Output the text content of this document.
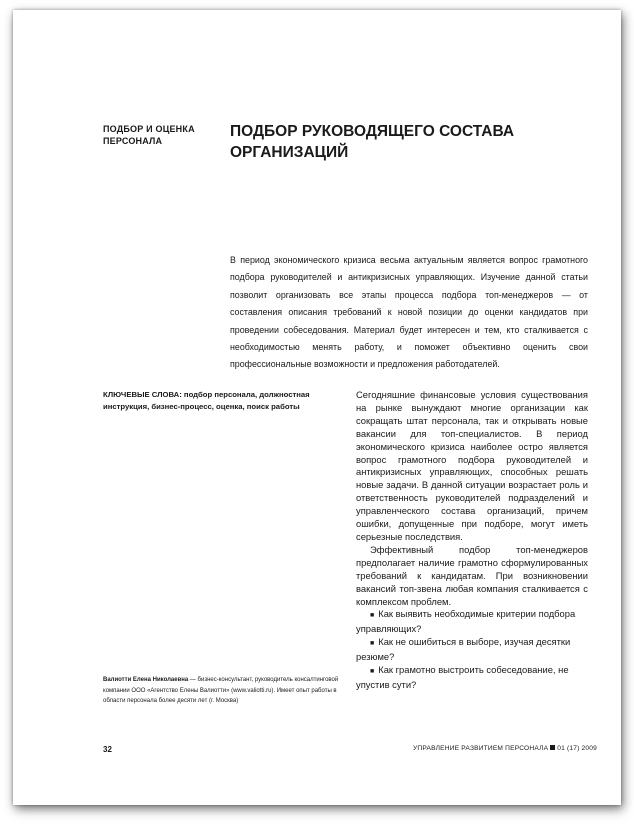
ПОДБОР И ОЦЕНКА ПЕРСОНАЛА
ПОДБОР РУКОВОДЯЩЕГО СОСТАВА ОРГАНИЗАЦИЙ
В период экономического кризиса весьма актуальным является вопрос грамотного подбора руководителей и антикризисных управляющих. Изучение данной статьи позволит организовать все этапы процесса подбора топ-менеджеров — от составления описания требований к новой позиции до оценки кандидатов при проведении собеседования. Материал будет интересен и тем, кто сталкивается с необходимостью менять работу, и поможет объективно оценить свои профессиональные возможности и предложения работодателей.
КЛЮЧЕВЫЕ СЛОВА: подбор персонала, должностная инструкция, бизнес-процесс, оценка, поиск работы

Сегодняшние финансовые условия существования на рынке вынуждают многие организации как сокращать штат персонала, так и открывать новые вакансии для топ-специалистов. В период экономического кризиса наиболее остро является вопрос грамотного подбора руководителей и антикризисных управляющих, способных решать новые задачи. В данной ситуации возрастает роль и ответственность руководителей подразделений и управленческого состава организаций, причем ошибки, допущенные при подборе, могут иметь серьезные последствия.

Эффективный подбор топ-менеджеров предполагает наличие грамотно сформулированных требований к кандидатам. При возникновении вакансий топ-звена любая компания сталкивается с комплексом проблем.

■ Как выявить необходимые критерии подбора управляющих?

■ Как не ошибиться в выборе, изучая десятки резюме?

■ Как грамотно выстроить собеседование, не упустив сути?

Валиотти Елена Николаевна — бизнес-консультант, руководитель консалтинговой компании ООО «Агентство Елены Валиотти» (www.valiotti.ru). Имеет опыт работы в области персонала более десяти лет (г. Москва)
32	УПРАВЛЕНИЕ РАЗВИТИЕМ ПЕРСОНАЛА 01 (17) 2009
